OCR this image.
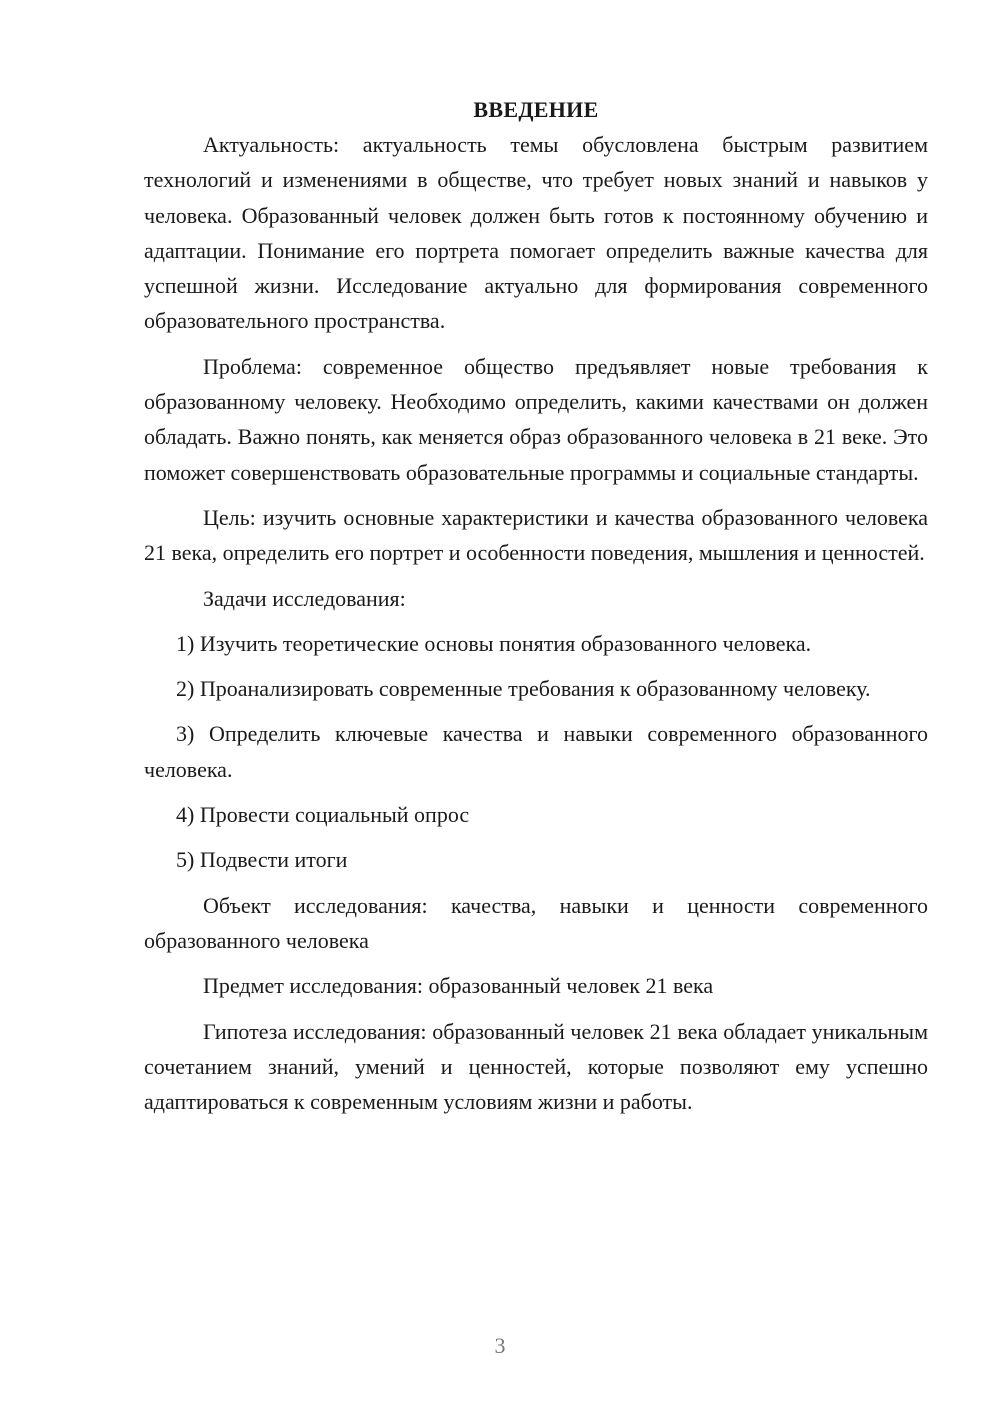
ВВЕДЕНИЕ

Актуальность: актуальность темы обусловлена быстрым развитием технологий и изменениями в обществе, что требует новых знаний и навыков у человека. Образованный человек должен быть готов к постоянному обучению и адаптации. Понимание его портрета помогает определить важные качества для успешной жизни. Исследование актуально для формирования современного образовательного пространства.

Проблема: современное общество предъявляет новые требования к образованному человеку. Необходимо определить, какими качествами он должен обладать. Важно понять, как меняется образ образованного человека в 21 веке. Это поможет совершенствовать образовательные программы и социальные стандарты.

Цель: изучить основные характеристики и качества образованного человека 21 века, определить его портрет и особенности поведения, мышления и ценностей.

Задачи исследования:

1) Изучить теоретические основы понятия образованного человека.

2) Проанализировать современные требования к образованному человеку.

3) Определить ключевые качества и навыки современного образованного человека.

4) Провести социальный опрос

5) Подвести итоги

Объект исследования: качества, навыки и ценности современного образованного человека

Предмет исследования: образованный человек 21 века

Гипотеза исследования: образованный человек 21 века обладает уникальным сочетанием знаний, умений и ценностей, которые позволяют ему успешно адаптироваться к современным условиям жизни и работы.

3
